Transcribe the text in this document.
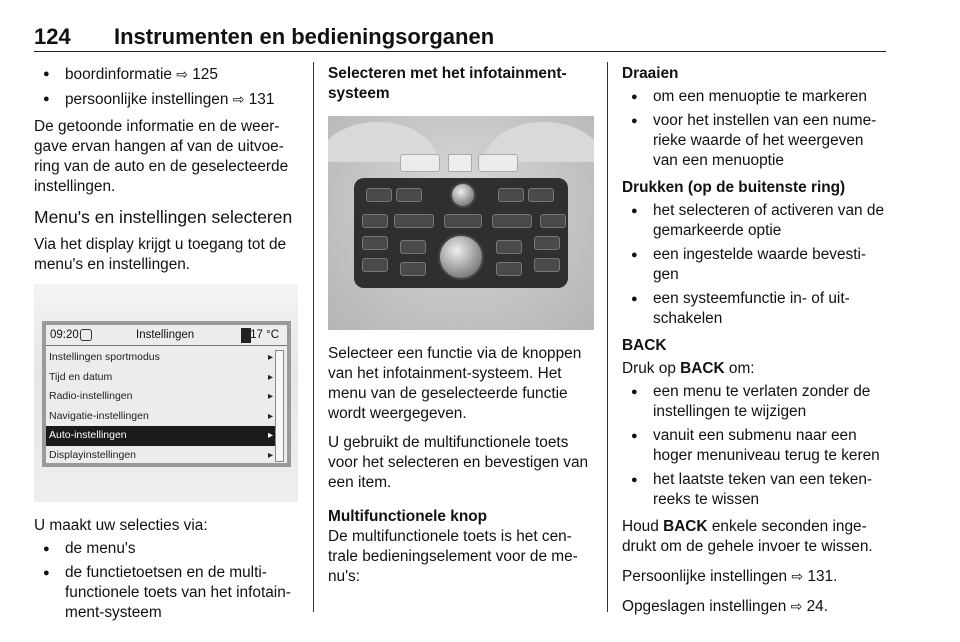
124 Instrumenten en bedieningsorganen
● boordinformatie ⇨ 125
● persoonlijke instellingen ⇨ 131

De getoonde informatie en de weer-gave ervan hangen af van de uitvoe-ring van de auto en de geselecteerde instellingen.

Menu's en instellingen selecteren

Via het display krijgt u toegang tot de menu's en instellingen.

09:20	Instellingen	17 °C
Instellingen sportmodus	▸
Tijd en datum	▸
Radio-instellingen	▸
Navigatie-instellingen	▸
Auto-instellingen	▸
Displayinstellingen	▸

U maakt uw selecties via:

● de menu's
● de functietoetsen en de multi-functionele toets van het infotain-ment-systeem
Selecteren met het infotainment-systeem

Selecteer een functie via de knoppen van het infotainment-systeem. Het menu van de geselecteerde functie wordt weergegeven.

U gebruikt de multifunctionele toets voor het selecteren en bevestigen van een item.

Multifunctionele knop

De multifunctionele toets is het cen-trale bedieningselement voor de me-nu's:

Draaien
● om een menuoptie te markeren
● voor het instellen van een nume-rieke waarde of het weergeven van een menuoptie
Drukken (op de buitenste ring)
● het selecteren of activeren van de gemarkeerde optie
● een ingestelde waarde bevesti-gen
● een systeemfunctie in- of uit-schakelen
BACK

Druk op BACK om:

● een menu te verlaten zonder de instellingen te wijzigen
● vanuit een submenu naar een hoger menuniveau terug te keren
● het laatste teken van een teken-reeks te wissen

Houd BACK enkele seconden inge-drukt om de gehele invoer te wissen.

Persoonlijke instellingen ⇨ 131.

Opgeslagen instellingen ⇨ 24.
